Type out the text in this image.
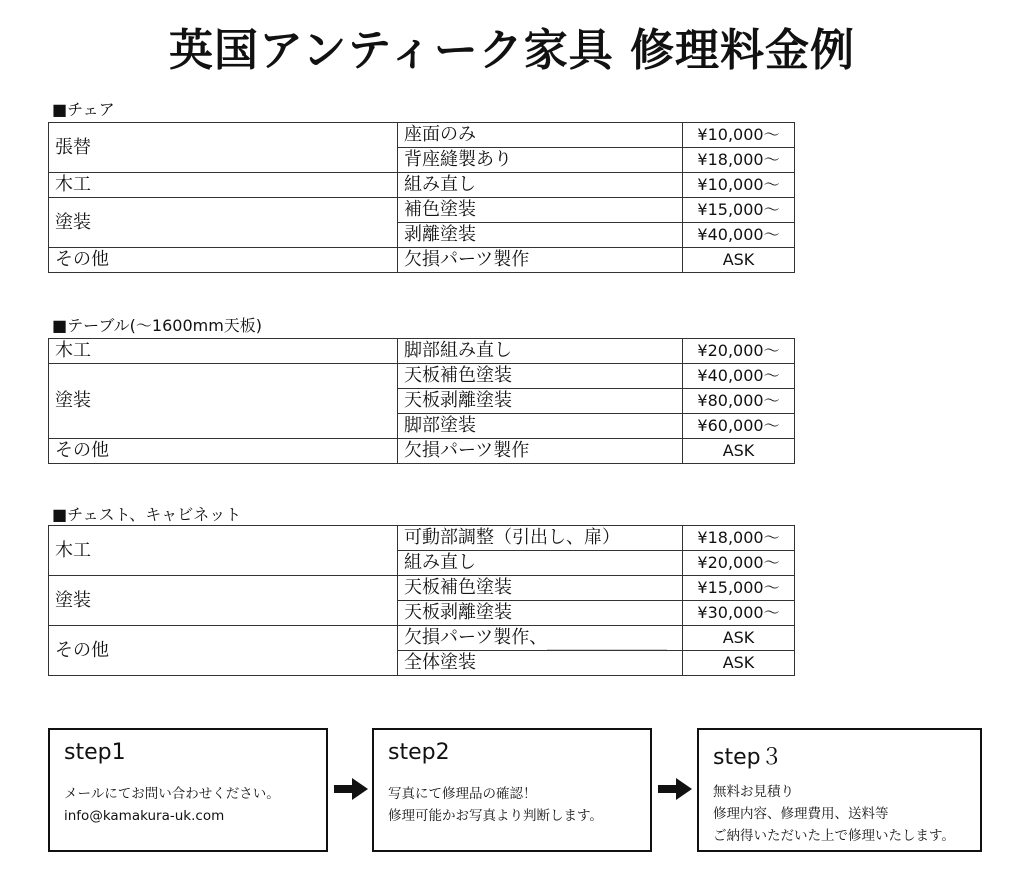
英国アンティーク家具 修理料金例
■チェア
張替	座面のみ	¥10,000〜
	背座縫製あり	¥18,000〜
木工	組み直し	¥10,000〜
塗装	補色塗装	¥15,000〜
	剥離塗装	¥40,000〜
その他	欠損パーツ製作	ASK
■テーブル(〜1600mm天板)
木工	脚部組み直し	¥20,000〜
塗装	天板補色塗装	¥40,000〜
	天板剥離塗装	¥80,000〜
	脚部塗装	¥60,000〜
その他	欠損パーツ製作	ASK
■チェスト、キャビネット
木工	可動部調整（引出し、扉）	¥18,000〜
	組み直し	¥20,000〜
塗装	天板補色塗装	¥15,000〜
	天板剥離塗装	¥30,000〜
その他	欠損パーツ製作、	ASK
	全体塗装	ASK
step1
メールにてお問い合わせください。
info@kamakura-uk.com
step2
写真にて修理品の確認！
修理可能かお写真より判断します。
step３
無料お見積り
修理内容、修理費用、送料等
ご納得いただいた上で修理いたします。
